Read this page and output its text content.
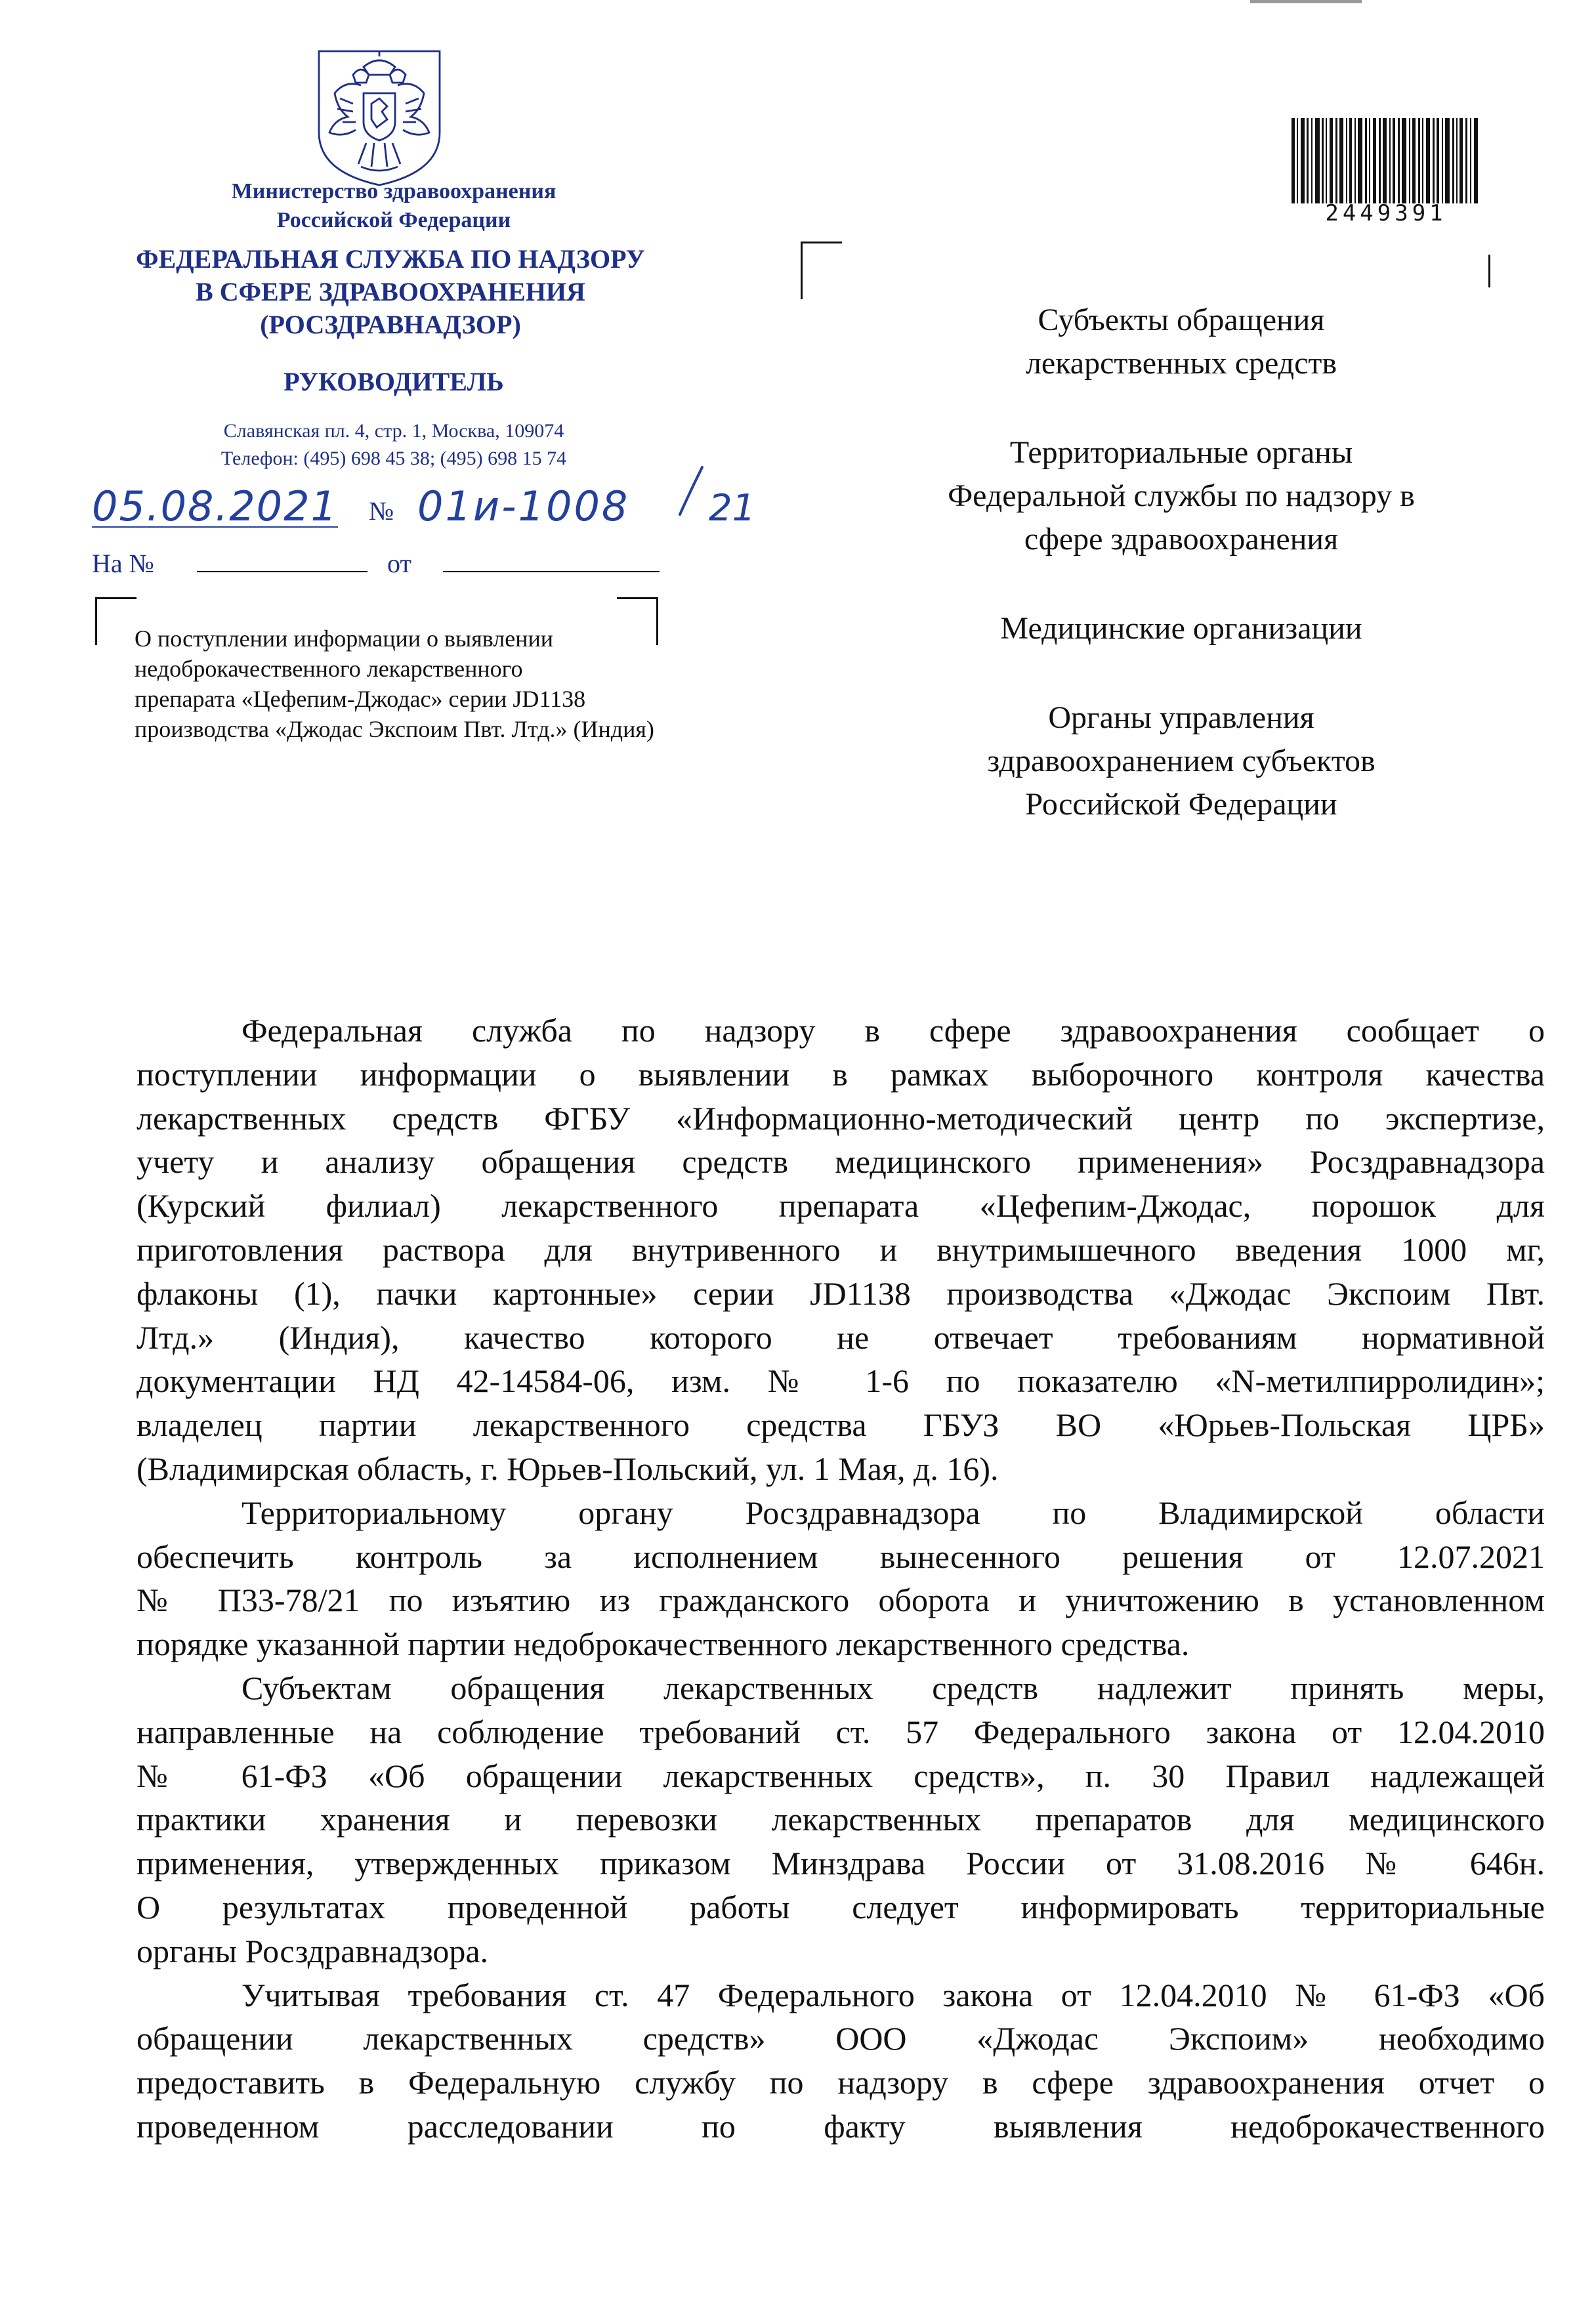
Министерство здравоохранения
Российской Федерации
ФЕДЕРАЛЬНАЯ СЛУЖБА ПО НАДЗОРУ
В СФЕРЕ ЗДРАВООХРАНЕНИЯ
(РОСЗДРАВНАДЗОР)
РУКОВОДИТЕЛЬ
Славянская пл. 4, стр. 1, Москва, 109074
Телефон: (495) 698 45 38; (495) 698 15 74
05.08.2021 № 01и-1008 21
На №	от
О поступлении информации о выявлении
недоброкачественного лекарственного
препарата «Цефепим-Джодас» серии JD1138
производства «Джодас Экспоим Пвт. Лтд.» (Индия)
2449391
Субъекты обращения
лекарственных средств
Территориальные органы
Федеральной службы по надзору в
сфере здравоохранения
Медицинские организации
Органы управления
здравоохранением субъектов
Российской Федерации
Федеральная служба по надзору в сфере здравоохранения сообщает о
поступлении информации о выявлении в рамках выборочного контроля качества
лекарственных средств ФГБУ «Информационно-методический центр по экспертизе,
учету и анализу обращения средств медицинского применения» Росздравнадзора
(Курский филиал) лекарственного препарата «Цефепим-Джодас, порошок для
приготовления раствора для внутривенного и внутримышечного введения 1000 мг,
флаконы (1), пачки картонные» серии JD1138 производства «Джодас Экспоим Пвт.
Лтд.» (Индия), качество которого не отвечает требованиям нормативной
документации НД 42-14584-06, изм. № 1-6 по показателю «N-метилпирролидин»;
владелец партии лекарственного средства ГБУЗ ВО «Юрьев-Польская ЦРБ»
(Владимирская область, г. Юрьев-Польский, ул. 1 Мая, д. 16).
Территориальному органу Росздравнадзора по Владимирской области
обеспечить контроль за исполнением вынесенного решения от 12.07.2021
№ П33-78/21 по изъятию из гражданского оборота и уничтожению в установленном
порядке указанной партии недоброкачественного лекарственного средства.
Субъектам обращения лекарственных средств надлежит принять меры,
направленные на соблюдение требований ст. 57 Федерального закона от 12.04.2010
№ 61-ФЗ «Об обращении лекарственных средств», п. 30 Правил надлежащей
практики хранения и перевозки лекарственных препаратов для медицинского
применения, утвержденных приказом Минздрава России от 31.08.2016 № 646н.
О результатах проведенной работы следует информировать территориальные
органы Росздравнадзора.
Учитывая требования ст. 47 Федерального закона от 12.04.2010 № 61-ФЗ «Об
обращении лекарственных средств» ООО «Джодас Экспоим» необходимо
предоставить в Федеральную службу по надзору в сфере здравоохранения отчет о
проведенном расследовании по факту выявления недоброкачественного
